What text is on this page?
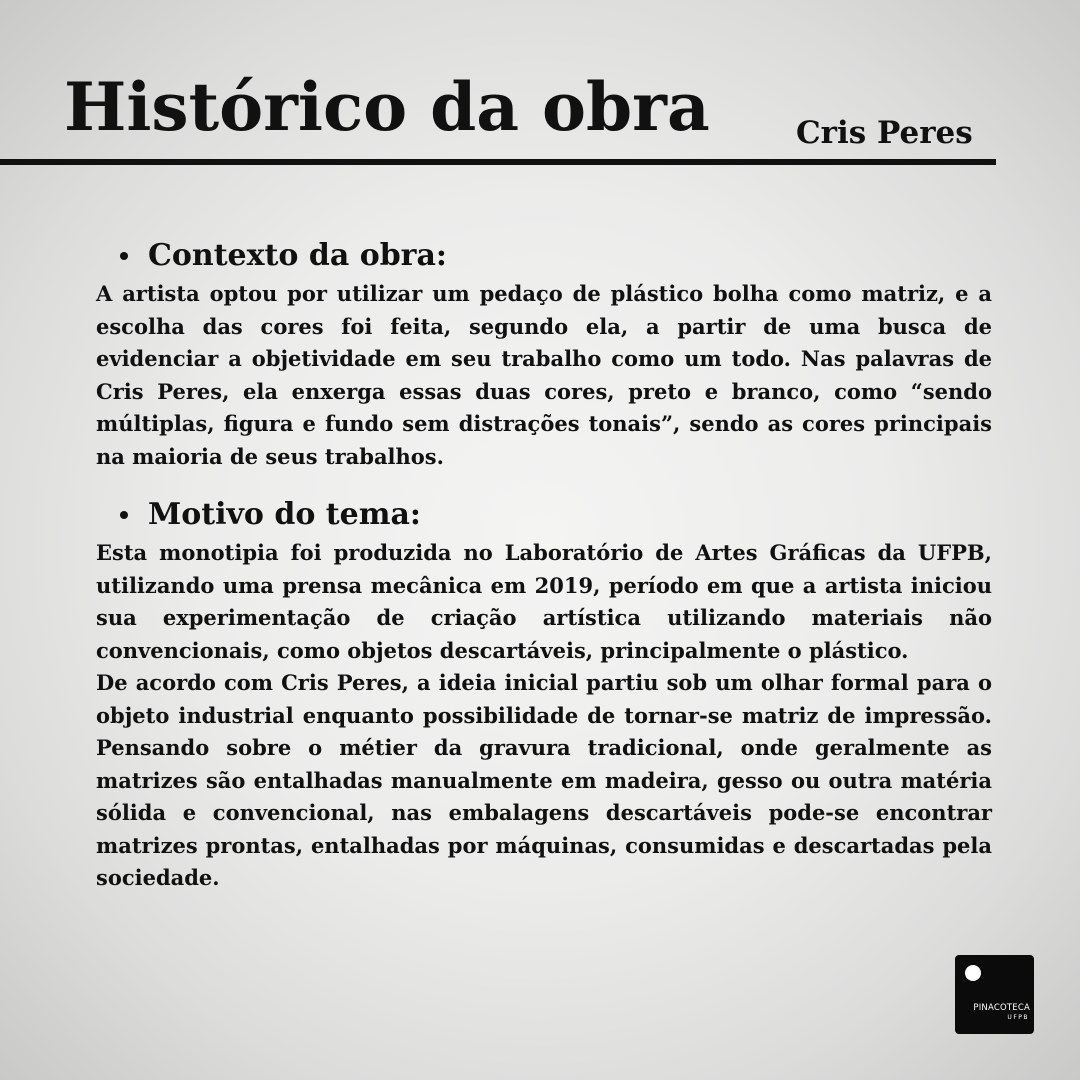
Histórico da obra	Cris Peres
Contexto da obra:

A artista optou por utilizar um pedaço de plástico bolha como matriz, e a escolha das cores foi feita, segundo ela, a partir de uma busca de evidenciar a objetividade em seu trabalho como um todo. Nas palavras de Cris Peres, ela enxerga essas duas cores, preto e branco, como “sendo múltiplas, figura e fundo sem distrações tonais”, sendo as cores principais na maioria de seus trabalhos.

Motivo do tema:

Esta monotipia foi produzida no Laboratório de Artes Gráficas da UFPB, utilizando uma prensa mecânica em 2019, período em que a artista iniciou sua experimentação de criação artística utilizando materiais não convencionais, como objetos descartáveis, principalmente o plástico.

De acordo com Cris Peres, a ideia inicial partiu sob um olhar formal para o objeto industrial enquanto possibilidade de tornar-se matriz de impressão. Pensando sobre o métier da gravura tradicional, onde geralmente as matrizes são entalhadas manualmente em madeira, gesso ou outra matéria sólida e convencional, nas embalagens descartáveis pode-se encontrar matrizes prontas, entalhadas por máquinas, consumidas e descartadas pela sociedade.

PINACOTECA
UFPB
